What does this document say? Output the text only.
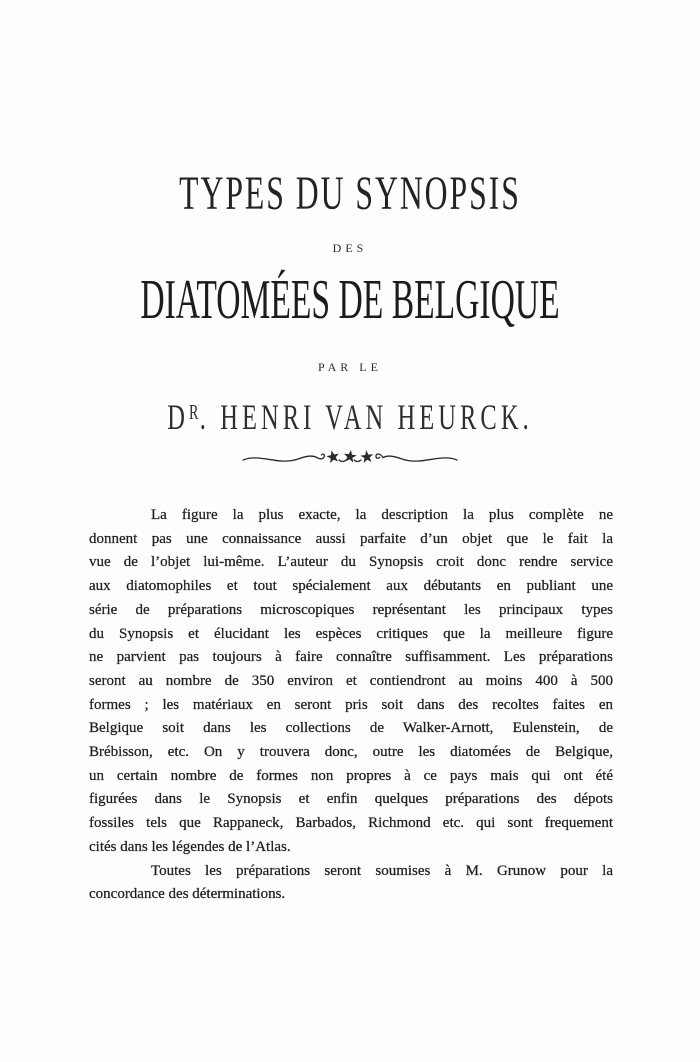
TYPES DU SYNOPSIS
DES
DIATOMÉES DE BELGIQUE
PAR LE
$D^R$. HENRI VAN HEURCK.
La figure la plus exacte, la description la plus complète ne
donnent pas une connaissance aussi parfaite d’un objet que le fait la
vue de l’objet lui-même. L’auteur du Synopsis croit donc rendre service
aux diatomophiles et tout spécialement aux débutants en publiant une
série de préparations microscopiques représentant les principaux types
du Synopsis et élucidant les espèces critiques que la meilleure figure
ne parvient pas toujours à faire connaître suffisamment. Les préparations
seront au nombre de 350 environ et contiendront au moins 400 à 500
formes ; les matériaux en seront pris soit dans des recoltes faites en
Belgique soit dans les collections de Walker-Arnott, Eulenstein, de
Brébisson, etc. On y trouvera donc, outre les diatomées de Belgique,
un certain nombre de formes non propres à ce pays mais qui ont été
figurées dans le Synopsis et enfin quelques préparations des dépots
fossiles tels que Rappaneck, Barbados, Richmond etc. qui sont frequement
cités dans les légendes de l’Atlas.
Toutes les préparations seront soumises à M. Grunow pour la
concordance des déterminations.
